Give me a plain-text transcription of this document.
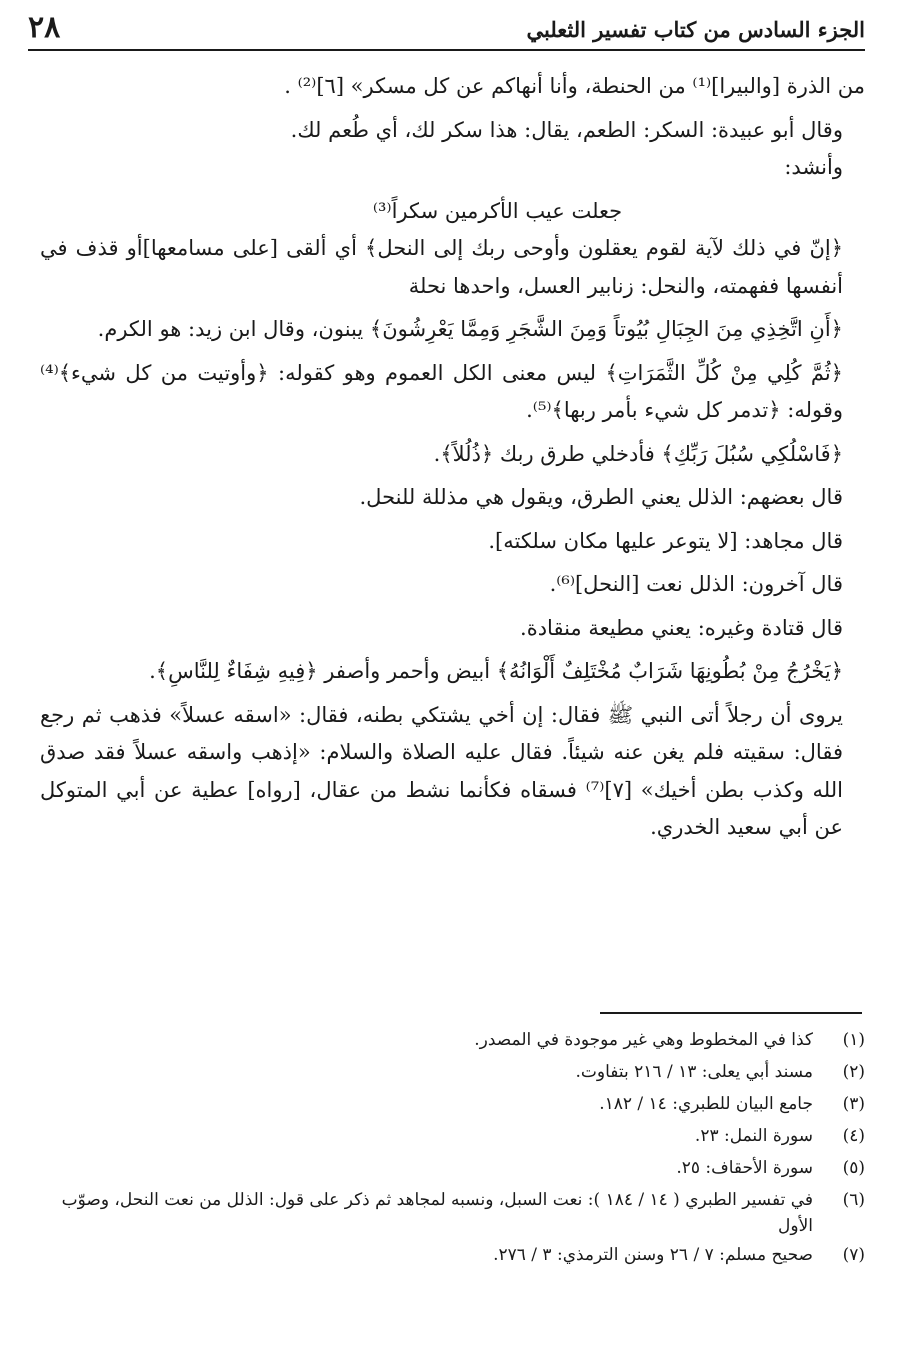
الجزء السادس من كتاب تفسير الثعلبي
٢٨

من الذرة [والبيرا]⁽¹⁾ من الحنطة، وأنا أنهاكم عن كل مسكر» [٦]⁽²⁾ .

وقال أبو عبيدة: السكر: الطعم، يقال: هذا سكر لك، أي طُعم لك.

وأنشد:

جعلت عيب الأكرمين سكراً⁽³⁾

﴿إنّ في ذلك لآية لقوم يعقلون وأوحى ربك إلى النحل﴾ أي ألقى [على مسامعها]أو قذف في أنفسها ففهمته، والنحل: زنابير العسل، واحدها نحلة

﴿أَنِ اتَّخِذِي مِنَ الجِبَالِ بُيُوتاً وَمِنَ الشَّجَرِ وَمِمَّا يَعْرِشُونَ﴾ يبنون، وقال ابن زيد: هو الكرم.

﴿ثُمَّ كُلِي مِنْ كُلِّ الثَّمَرَاتِ﴾ ليس معنى الكل العموم وهو كقوله: ﴿وأوتيت من كل شيء﴾⁽⁴⁾ وقوله: ﴿تدمر كل شيء بأمر ربها﴾⁽⁵⁾.

﴿فَاسْلُكِي سُبُلَ رَبِّكِ﴾ فأدخلي طرق ربك ﴿ذُلُلاً﴾.

قال بعضهم: الذلل يعني الطرق، ويقول هي مذللة للنحل.

قال مجاهد: [لا يتوعر عليها مكان سلكته].

قال آخرون: الذلل نعت [النحل]⁽⁶⁾.

قال قتادة وغيره: يعني مطيعة منقادة.

﴿يَخْرُجُ مِنْ بُطُونِهَا شَرَابٌ مُخْتَلِفٌ أَلْوَانُهُ﴾ أبيض وأحمر وأصفر ﴿فِيهِ شِفَاءٌ لِلنَّاسِ﴾.

يروى أن رجلاً أتى النبي ﷺ فقال: إن أخي يشتكي بطنه، فقال: «اسقه عسلاً» فذهب ثم رجع فقال: سقيته فلم يغن عنه شيئاً. فقال عليه الصلاة والسلام: «إذهب واسقه عسلاً فقد صدق الله وكذب بطن أخيك» [٧]⁽⁷⁾ فسقاه فكأنما نشط من عقال، [رواه] عطية عن أبي المتوكل عن أبي سعيد الخدري.

(١)
كذا في المخطوط وهي غير موجودة في المصدر.
(٢)
مسند أبي يعلى: ١٣ / ٢١٦ بتفاوت.
(٣)
جامع البيان للطبري: ١٤ / ١٨٢.
(٤)
سورة النمل: ٢٣.
(٥)
سورة الأحقاف: ٢٥.
(٦)
في تفسير الطبري ( ١٤ / ١٨٤ ): نعت السبل، ونسبه لمجاهد ثم ذكر على قول: الذلل من نعت النحل، وصوّب الأول
(٧)
صحيح مسلم: ٧ / ٢٦ وسنن الترمذي: ٣ / ٢٧٦.
